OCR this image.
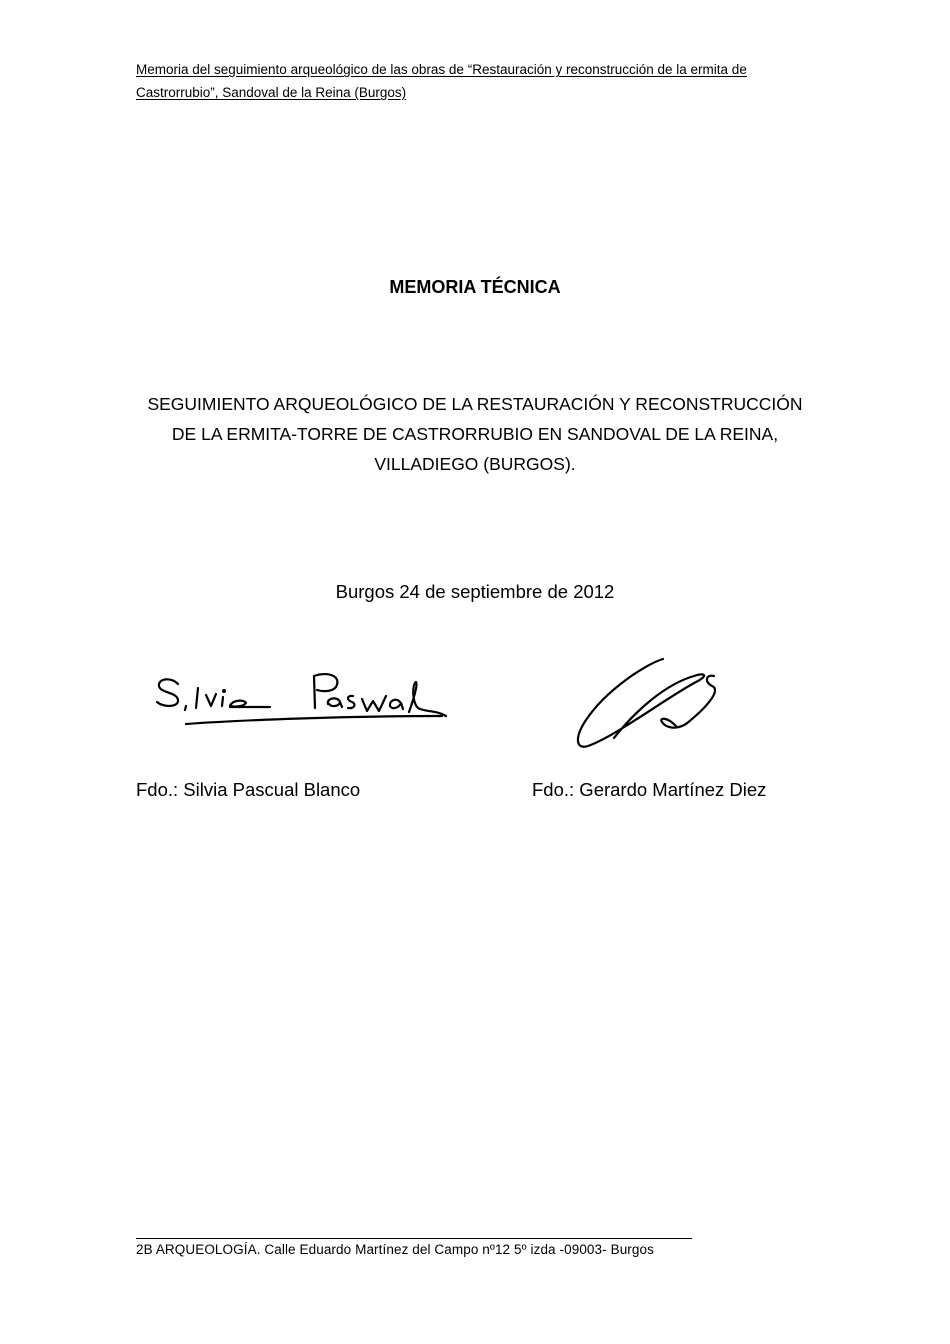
Memoria del seguimiento arqueológico de las obras de “Restauración y reconstrucción de la ermita de
Castrorrubio”, Sandoval de la Reina (Burgos)
MEMORIA TÉCNICA
SEGUIMIENTO ARQUEOLÓGICO DE LA RESTAURACIÓN Y RECONSTRUCCIÓN
DE LA ERMITA-TORRE DE CASTRORRUBIO EN SANDOVAL DE LA REINA,
VILLADIEGO (BURGOS).
Burgos 24 de septiembre de 2012
Fdo.: Silvia Pascual Blanco	Fdo.: Gerardo Martínez Diez
2B ARQUEOLOGÍA. Calle Eduardo Martínez del Campo nº12 5º izda -09003- Burgos
